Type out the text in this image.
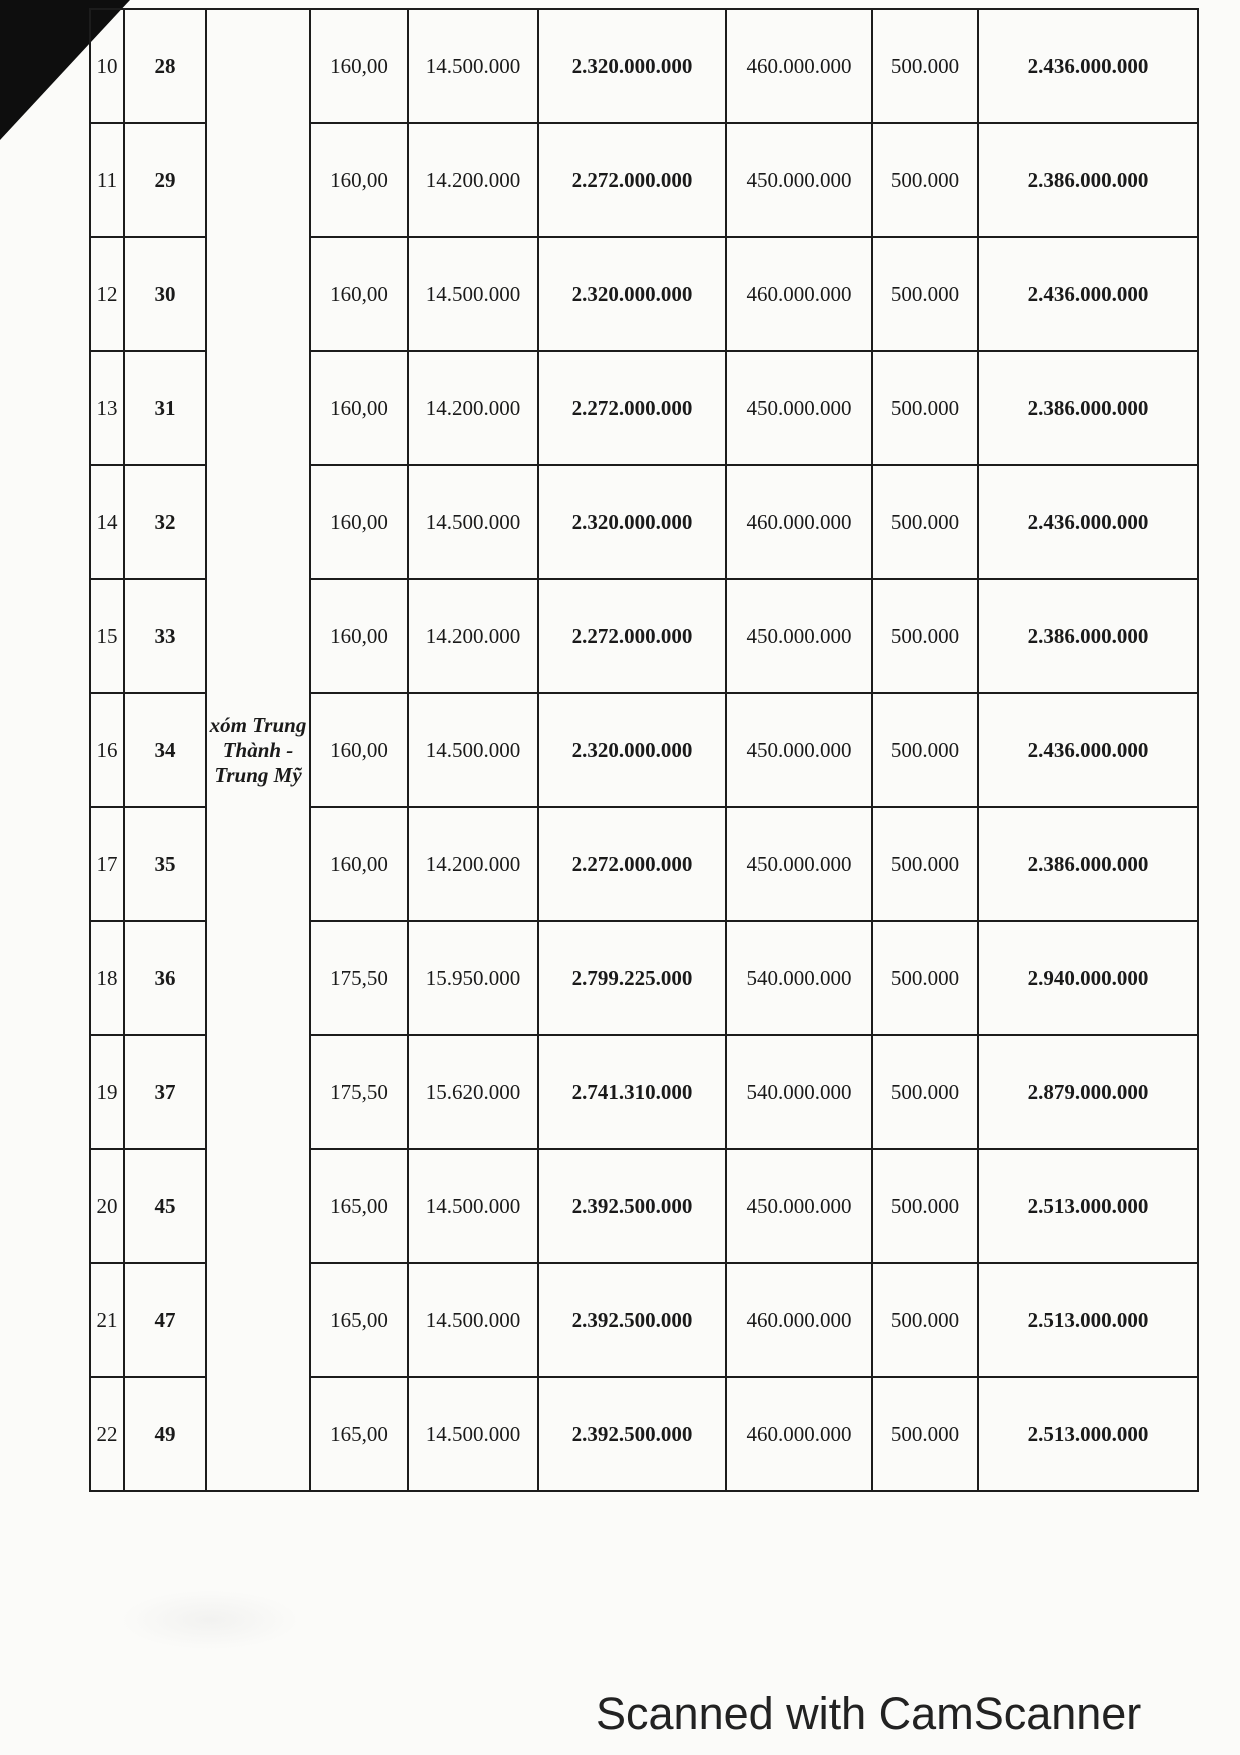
10	28	xóm Trung Thành - Trung Mỹ	160,00	14.500.000	2.320.000.000	460.000.000	500.000	2.436.000.000
11	29		160,00	14.200.000	2.272.000.000	450.000.000	500.000	2.386.000.000
12	30		160,00	14.500.000	2.320.000.000	460.000.000	500.000	2.436.000.000
13	31		160,00	14.200.000	2.272.000.000	450.000.000	500.000	2.386.000.000
14	32		160,00	14.500.000	2.320.000.000	460.000.000	500.000	2.436.000.000
15	33		160,00	14.200.000	2.272.000.000	450.000.000	500.000	2.386.000.000
16	34		160,00	14.500.000	2.320.000.000	450.000.000	500.000	2.436.000.000
17	35		160,00	14.200.000	2.272.000.000	450.000.000	500.000	2.386.000.000
18	36		175,50	15.950.000	2.799.225.000	540.000.000	500.000	2.940.000.000
19	37		175,50	15.620.000	2.741.310.000	540.000.000	500.000	2.879.000.000
20	45		165,00	14.500.000	2.392.500.000	450.000.000	500.000	2.513.000.000
21	47		165,00	14.500.000	2.392.500.000	460.000.000	500.000	2.513.000.000
22	49		165,00	14.500.000	2.392.500.000	460.000.000	500.000	2.513.000.000
Scanned with CamScanner
